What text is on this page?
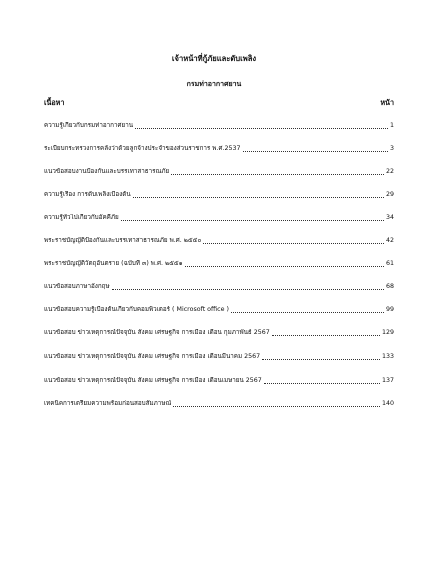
เจ้าหน้าที่กู้ภัยและดับเพลิง
กรมท่าอากาศยาน
เนื้อหา	หน้า
ความรู้เกี่ยวกับกรมท่าอากาศยาน	1
ระเบียบกระทรวงการคลังว่าด้วยลูกจ้างประจำของส่วนราชการ พ.ศ.2537	3
แนวข้อสอบงานป้องกันและบรรเทาสาธารณภัย	22
ความรู้เรื่อง การดับเพลิงเบื้องต้น	29
ความรู้ทั่วไปเกี่ยวกับอัคคีภัย	34
พระราชบัญญัติป้องกันและบรรเทาสาธารณภัย พ.ศ. ๒๕๕๐	42
พระราชบัญญัติวัตถุอันตราย (ฉบับที่ ๓) พ.ศ. ๒๕๕๑	61
แนวข้อสอบภาษาอังกฤษ	68
แนวข้อสอบความรู้เบื้องต้นเกี่ยวกับคอมพิวเตอร์ ( Microsoft office )	99
แนวข้อสอบ ข่าวเหตุการณ์ปัจจุบัน สังคม เศรษฐกิจ การเมือง เดือน กุมภาพันธ์ 2567	129
แนวข้อสอบ ข่าวเหตุการณ์ปัจจุบัน สังคม เศรษฐกิจ การเมือง เดือนมีนาคม 2567	133
แนวข้อสอบ ข่าวเหตุการณ์ปัจจุบัน สังคม เศรษฐกิจ การเมือง เดือนเมษายน 2567	137
เทคนิคการเตรียมความพร้อมก่อนสอบสัมภาษณ์	140
